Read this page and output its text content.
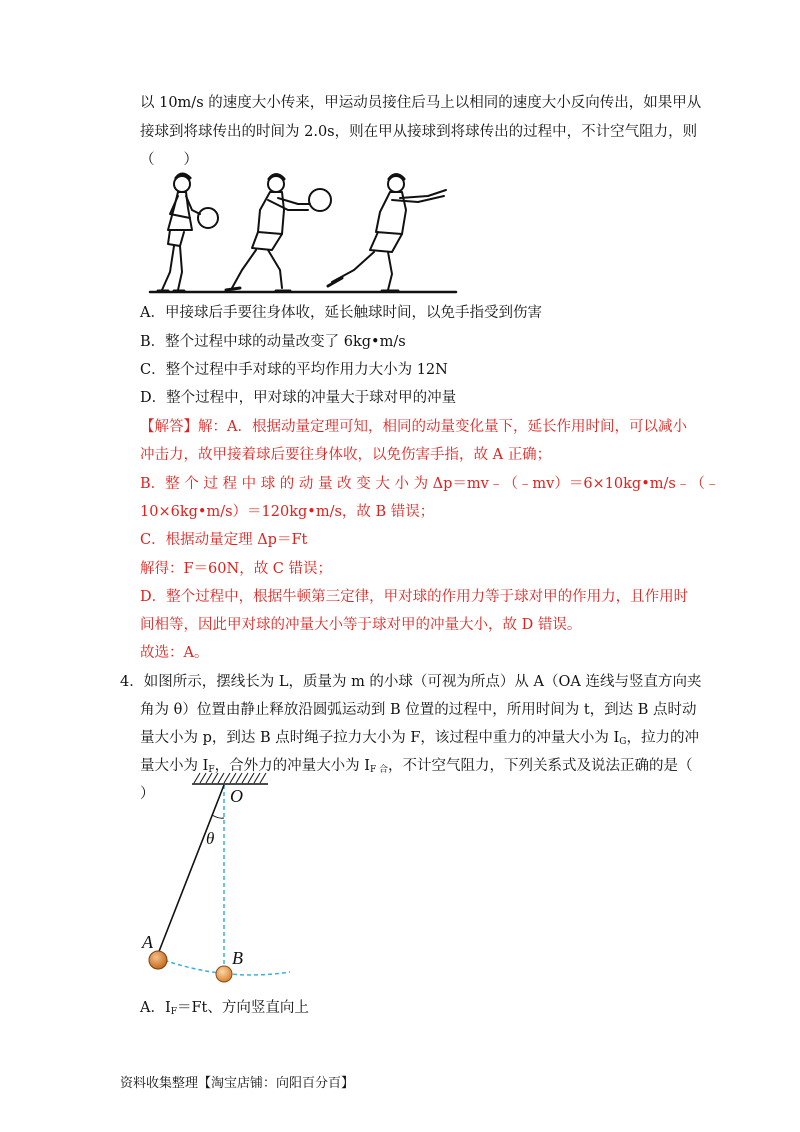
以 10m/s 的速度大小传来，甲运动员接住后马上以相同的速度大小反向传出，如果甲从
接球到将球传出的时间为 2.0s，则在甲从接球到将球传出的过程中，不计空气阻力，则
（　　）
A．甲接球后手要往身体收，延长触球时间，以免手指受到伤害
B．整个过程中球的动量改变了 6kg•m/s
C．整个过程中手对球的平均作用力大小为 12N
D．整个过程中，甲对球的冲量大于球对甲的冲量
【解答】解：A．根据动量定理可知，相同的动量变化量下，延长作用时间，可以减小
冲击力，故甲接着球后要往身体收，以免伤害手指，故 A 正确；
B．整 个 过 程 中 球 的 动 量 改 变 大 小 为 Δp＝mv﹣（﹣mv）＝6×10kg•m/s﹣（﹣
10×6kg•m/s）＝120kg•m/s，故 B 错误；
C．根据动量定理 Δp＝Ft
解得：F＝60N，故 C 错误；
D．整个过程中，根据牛顿第三定律，甲对球的作用力等于球对甲的作用力，且作用时
间相等，因此甲对球的冲量大小等于球对甲的冲量大小，故 D 错误。
故选：A。
4．如图所示，摆线长为 L，质量为 m 的小球（可视为所点）从 A（OA 连线与竖直方向夹
角为 θ）位置由静止释放沿圆弧运动到 B 位置的过程中，所用时间为 t，到达 B 点时动
量大小为 p，到达 B 点时绳子拉力大小为 F，该过程中重力的冲量大小为 $I_G$，拉力的冲
量大小为 $I_F$，合外力的冲量大小为 $I_{F 合}$，不计空气阻力，下列关系式及说法正确的是（
）	O
θ
A
B
A．$I_F=Ft$、方向竖直向上
资料收集整理【淘宝店铺：向阳百分百】
